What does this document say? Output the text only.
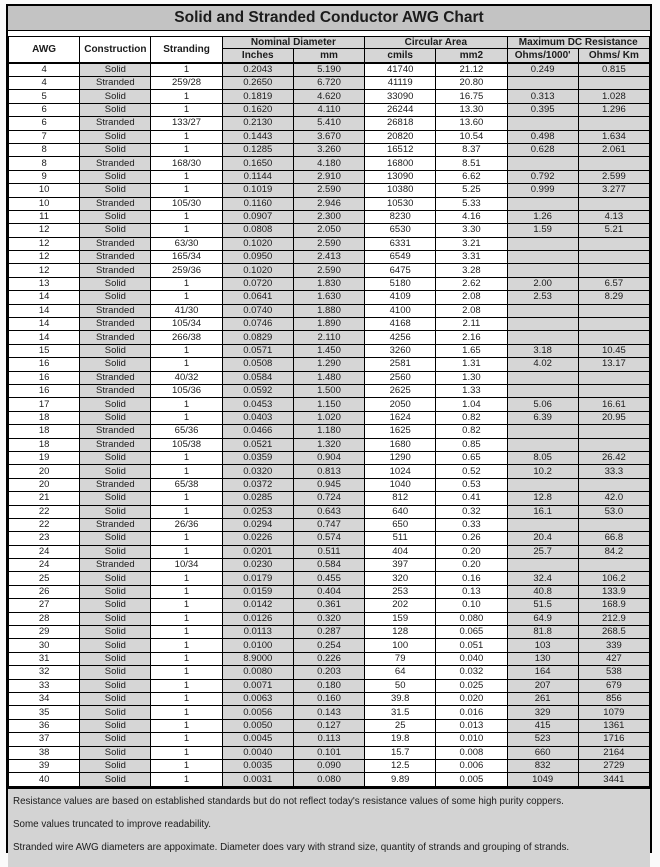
Solid and Stranded Conductor AWG Chart
AWG	Construction	Stranding	Nominal Diameter		Circular Area		Maximum DC Resistance	
			Inches	mm	cmils	mm2	Ohms/1000'	Ohms/ Km
4	Solid	1	0.2043	5.190	41740	21.12	0.249	0.815
4	Stranded	259/28	0.2650	6.720	41119	20.80		
5	Solid	1	0.1819	4.620	33090	16.75	0.313	1.028
6	Solid	1	0.1620	4.110	26244	13.30	0.395	1.296
6	Stranded	133/27	0.2130	5.410	26818	13.60		
7	Solid	1	0.1443	3.670	20820	10.54	0.498	1.634
8	Solid	1	0.1285	3.260	16512	8.37	0.628	2.061
8	Stranded	168/30	0.1650	4.180	16800	8.51		
9	Solid	1	0.1144	2.910	13090	6.62	0.792	2.599
10	Solid	1	0.1019	2.590	10380	5.25	0.999	3.277
10	Stranded	105/30	0.1160	2.946	10530	5.33		
11	Solid	1	0.0907	2.300	8230	4.16	1.26	4.13
12	Solid	1	0.0808	2.050	6530	3.30	1.59	5.21
12	Stranded	63/30	0.1020	2.590	6331	3.21		
12	Stranded	165/34	0.0950	2.413	6549	3.31		
12	Stranded	259/36	0.1020	2.590	6475	3.28		
13	Solid	1	0.0720	1.830	5180	2.62	2.00	6.57
14	Solid	1	0.0641	1.630	4109	2.08	2.53	8.29
14	Stranded	41/30	0.0740	1.880	4100	2.08		
14	Stranded	105/34	0.0746	1.890	4168	2.11		
14	Stranded	266/38	0.0829	2.110	4256	2.16		
15	Solid	1	0.0571	1.450	3260	1.65	3.18	10.45
16	Solid	1	0.0508	1.290	2581	1.31	4.02	13.17
16	Stranded	40/32	0.0584	1.480	2560	1.30		
16	Stranded	105/36	0.0592	1.500	2625	1.33		
17	Solid	1	0.0453	1.150	2050	1.04	5.06	16.61
18	Solid	1	0.0403	1.020	1624	0.82	6.39	20.95
18	Stranded	65/36	0.0466	1.180	1625	0.82		
18	Stranded	105/38	0.0521	1.320	1680	0.85		
19	Solid	1	0.0359	0.904	1290	0.65	8.05	26.42
20	Solid	1	0.0320	0.813	1024	0.52	10.2	33.3
20	Stranded	65/38	0.0372	0.945	1040	0.53		
21	Solid	1	0.0285	0.724	812	0.41	12.8	42.0
22	Solid	1	0.0253	0.643	640	0.32	16.1	53.0
22	Stranded	26/36	0.0294	0.747	650	0.33		
23	Solid	1	0.0226	0.574	511	0.26	20.4	66.8
24	Solid	1	0.0201	0.511	404	0.20	25.7	84.2
24	Stranded	10/34	0.0230	0.584	397	0.20		
25	Solid	1	0.0179	0.455	320	0.16	32.4	106.2
26	Solid	1	0.0159	0.404	253	0.13	40.8	133.9
27	Solid	1	0.0142	0.361	202	0.10	51.5	168.9
28	Solid	1	0.0126	0.320	159	0.080	64.9	212.9
29	Solid	1	0.0113	0.287	128	0.065	81.8	268.5
30	Solid	1	0.0100	0.254	100	0.051	103	339
31	Solid	1	8.9000	0.226	79	0.040	130	427
32	Solid	1	0.0080	0.203	64	0.032	164	538
33	Solid	1	0.0071	0.180	50	0.025	207	679
34	Solid	1	0.0063	0.160	39.8	0.020	261	856
35	Solid	1	0.0056	0.143	31.5	0.016	329	1079
36	Solid	1	0.0050	0.127	25	0.013	415	1361
37	Solid	1	0.0045	0.113	19.8	0.010	523	1716
38	Solid	1	0.0040	0.101	15.7	0.008	660	2164
39	Solid	1	0.0035	0.090	12.5	0.006	832	2729
40	Solid	1	0.0031	0.080	9.89	0.005	1049	3441

Resistance values are based on established standards but do not reflect today's resistance values of some high purity coppers.

Some values truncated to improve readability.

Stranded wire AWG diameters are appoximate. Diameter does vary with strand size, quantity of strands and grouping of strands.
